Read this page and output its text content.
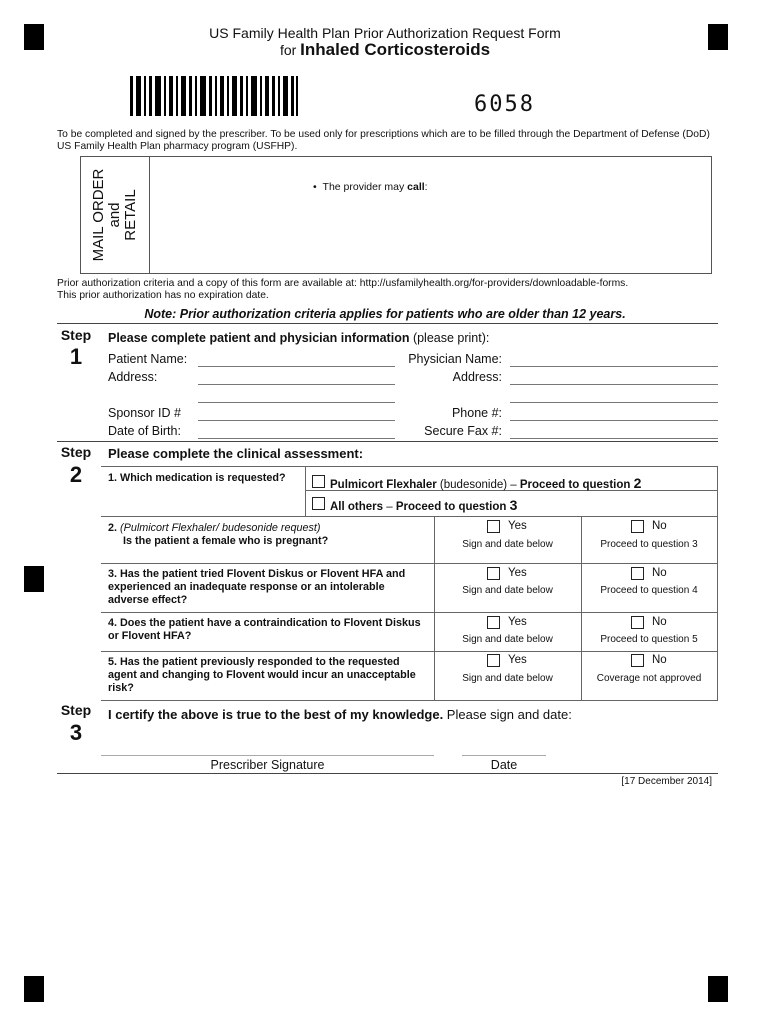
US Family Health Plan Prior Authorization Request Form
for Inhaled Corticosteroids
6058
To be completed and signed by the prescriber. To be used only for prescriptions which are to be filled through the Department of Defense (DoD) US Family Health Plan pharmacy program (USFHP).
MAIL ORDER and RETAIL
• The provider may call:
Prior authorization criteria and a copy of this form are available at: http://usfamilyhealth.org/for-providers/downloadable-forms.
This prior authorization has no expiration date.
Note: Prior authorization criteria applies for patients who are older than 12 years.
Step
1
Please complete patient and physician information (please print):
Patient Name:
Address:
Sponsor ID #
Date of Birth:
Physician Name:
Address:
Phone #:
Secure Fax #:
Step
2
Please complete the clinical assessment:
1. Which medication is requested?
Pulmicort Flexhaler (budesonide) – Proceed to question 2
All others – Proceed to question 3
2. (Pulmicort Flexhaler/ budesonide request)
Is the patient a female who is pregnant?
Yes
Sign and date below
No
Proceed to question 3
3. Has the patient tried Flovent Diskus or Flovent HFA and experienced an inadequate response or an intolerable adverse effect?
Yes
Sign and date below
No
Proceed to question 4
4. Does the patient have a contraindication to Flovent Diskus or Flovent HFA?
Yes
Sign and date below
No
Proceed to question 5
5. Has the patient previously responded to the requested agent and changing to Flovent would incur an unacceptable risk?
Yes
Sign and date below
No
Coverage not approved
Step
3
I certify the above is true to the best of my knowledge. Please sign and date:
Prescriber Signature	Date
[17 December 2014]
